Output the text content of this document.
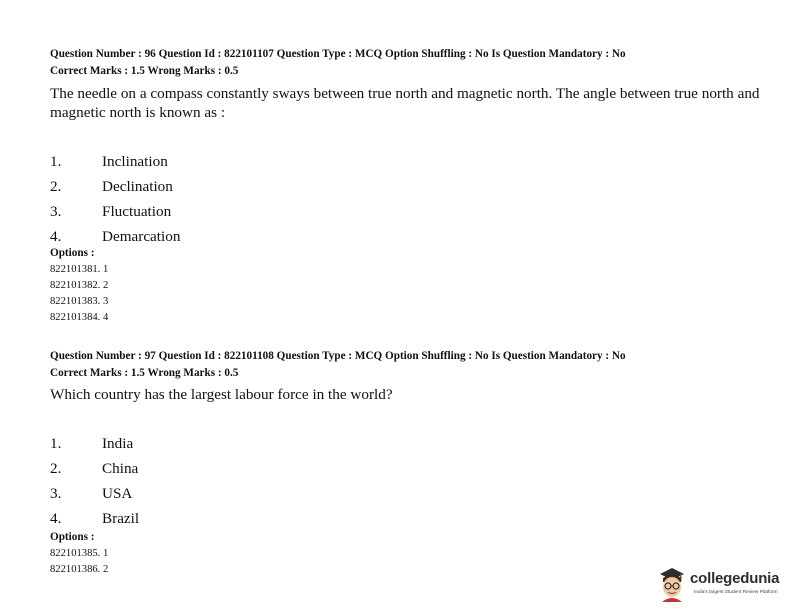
Question Number : 96 Question Id : 822101107 Question Type : MCQ Option Shuffling : No Is Question Mandatory : No
Correct Marks : 1.5 Wrong Marks : 0.5
The needle on a compass constantly sways between true north and magnetic north. The angle between true north and magnetic north is known as :
1.	Inclination
2.	Declination
3.	Fluctuation
4.	Demarcation
Options :
822101381. 1
822101382. 2
822101383. 3
822101384. 4
Question Number : 97 Question Id : 822101108 Question Type : MCQ Option Shuffling : No Is Question Mandatory : No
Correct Marks : 1.5 Wrong Marks : 0.5
Which country has the largest labour force in the world?
1.	India
2.	China
3.	USA
4.	Brazil
Options :
822101385. 1
822101386. 2
collegedunia
India's largest Student Review Platform
